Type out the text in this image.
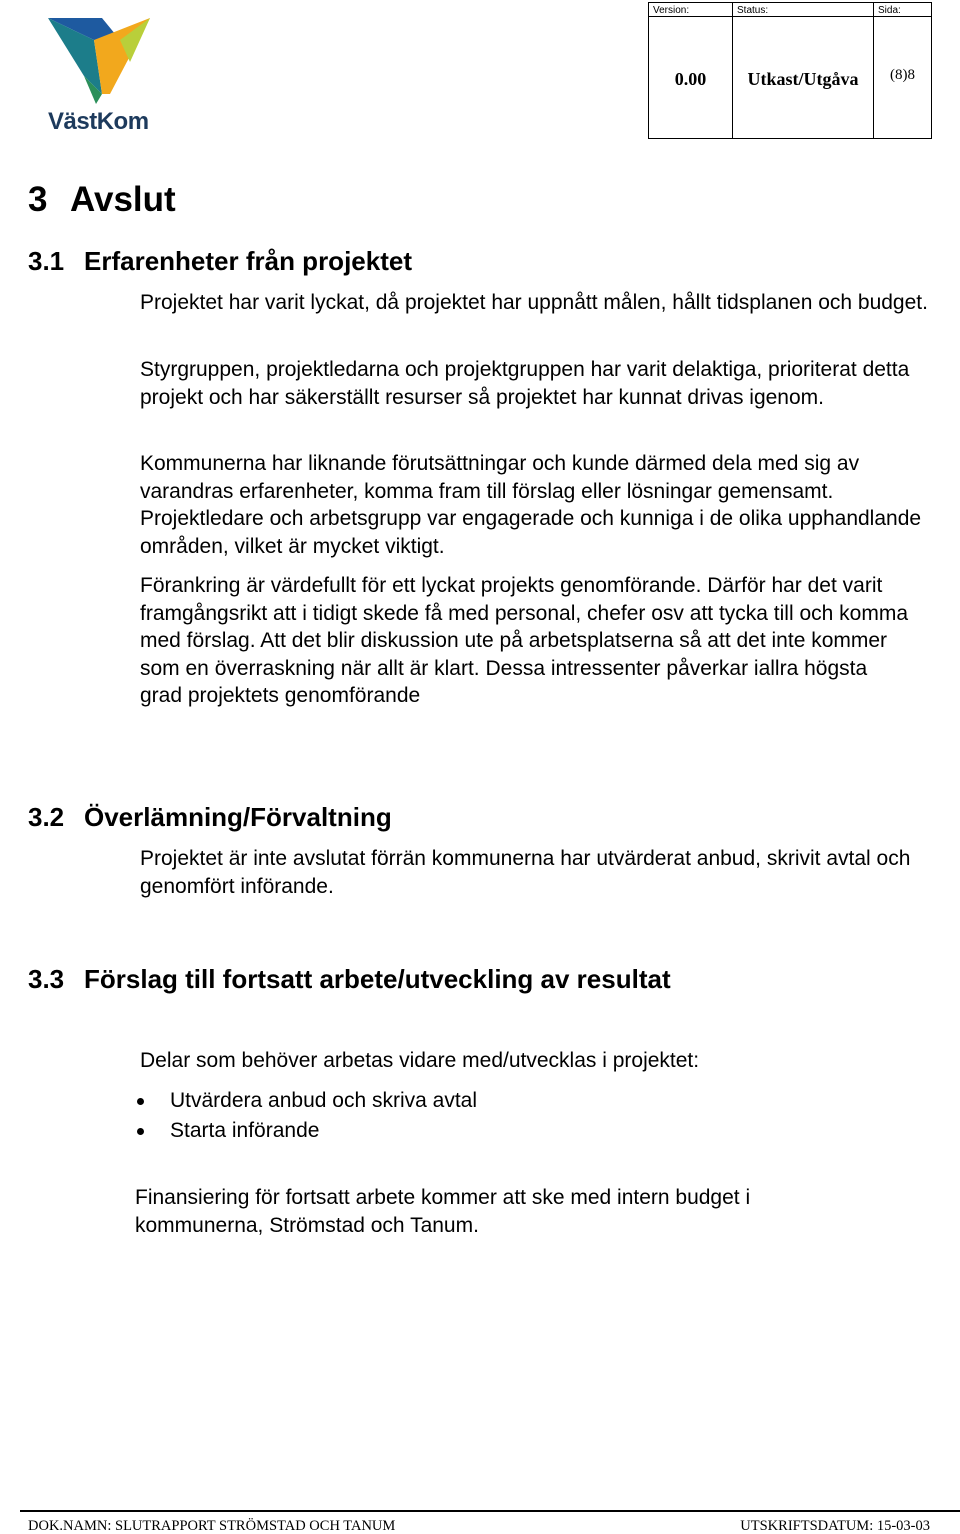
VästKom
Version:	Status:	Sida:

0.00	Utkast/Utgåva	(8)8
3 Avslut
3.1 Erfarenheter från projektet

Projektet har varit lyckat, då projektet har uppnått målen, hållt tidsplanen och budget.

Styrgruppen, projektledarna och projektgruppen har varit delaktiga, prioriterat detta projekt och har säkerställt resurser så projektet har kunnat drivas igenom.

Kommunerna har liknande förutsättningar och kunde därmed dela med sig av varandras erfarenheter, komma fram till förslag eller lösningar gemensamt. Projektledare och arbetsgrupp var engagerade och kunniga i de olika upphandlande områden, vilket är mycket viktigt.

Förankring är värdefullt för ett lyckat projekts genomförande. Därför har det varit framgångsrikt att i tidigt skede få med personal, chefer osv att tycka till och komma med förslag. Att det blir diskussion ute på arbetsplatserna så att det inte kommer som en överraskning när allt är klart. Dessa intressenter påverkar iallra högsta grad projektets genomförande

3.2 Överlämning/Förvaltning

Projektet är inte avslutat förrän kommunerna har utvärderat anbud, skrivit avtal och genomfört införande.

3.3 Förslag till fortsatt arbete/utveckling av resultat

Delar som behöver arbetas vidare med/utvecklas i projektet:

Utvärdera anbud och skriva avtal
Starta införande

Finansiering för fortsatt arbete kommer att ske med intern budget i kommunerna, Strömstad och Tanum.

DOK.NAMN: SLUTRAPPORT STRÖMSTAD OCH TANUM	UTSKRIFTSDATUM: 15-03-03
